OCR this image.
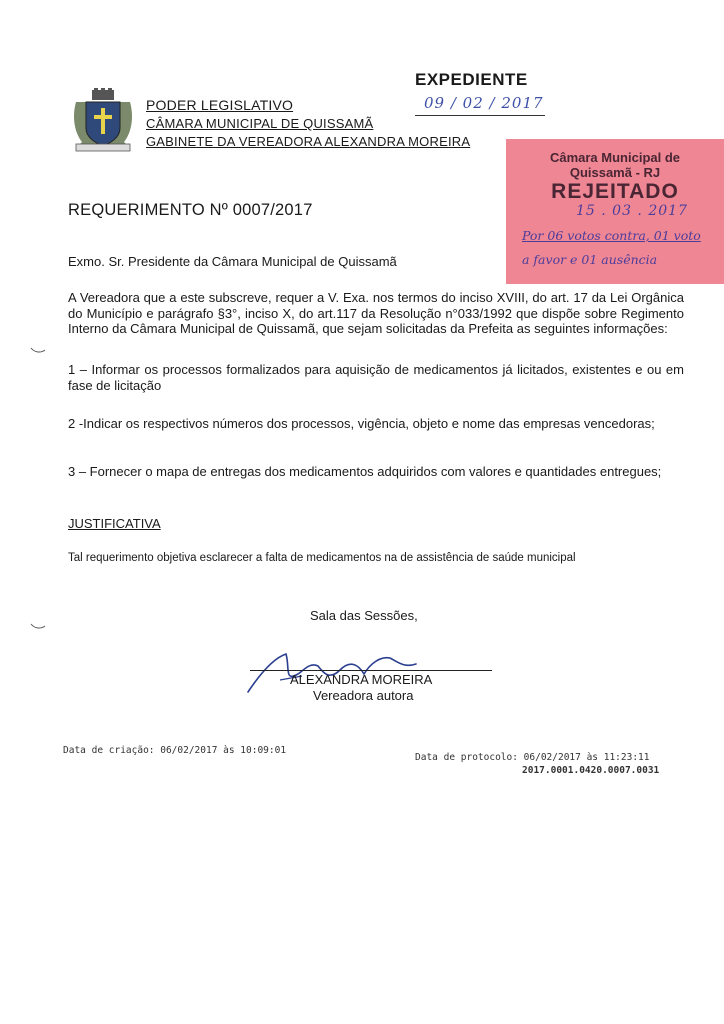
PODER LEGISLATIVO
CÂMARA MUNICIPAL DE QUISSAMÃ
GABINETE DA VEREADORA ALEXANDRA MOREIRA
EXPEDIENTE
09 / 02 / 2017
Câmara Municipal de
Quissamã - RJ
REJEITADO
15 . 03 . 2017
Por 06 votos contra, 01 voto
a favor e 01 ausência
REQUERIMENTO Nº 0007/2017
Exmo. Sr. Presidente da Câmara Municipal de Quissamã
A Vereadora que a este subscreve, requer a V. Exa. nos termos do inciso XVIII, do art. 17 da Lei Orgânica do Município e parágrafo §3°, inciso X, do art.117 da Resolução n°033/1992 que dispõe sobre Regimento Interno da Câmara Municipal de Quissamã, que sejam solicitadas da Prefeita as seguintes informações:
1 – Informar os processos formalizados para aquisição de medicamentos já licitados, existentes e ou em fase de licitação
2 -Indicar os respectivos números dos processos, vigência, objeto e nome das empresas vencedoras;
3 – Fornecer o mapa de entregas dos medicamentos adquiridos com valores e quantidades entregues;
JUSTIFICATIVA
Tal requerimento objetiva esclarecer a falta de medicamentos na de assistência de saúde municipal
Sala das Sessões,
ALEXANDRA MOREIRA
Vereadora autora
Data de criação: 06/02/2017 às 10:09:01
Data de protocolo: 06/02/2017 às 11:23:11
2017.0001.0420.0007.0031
